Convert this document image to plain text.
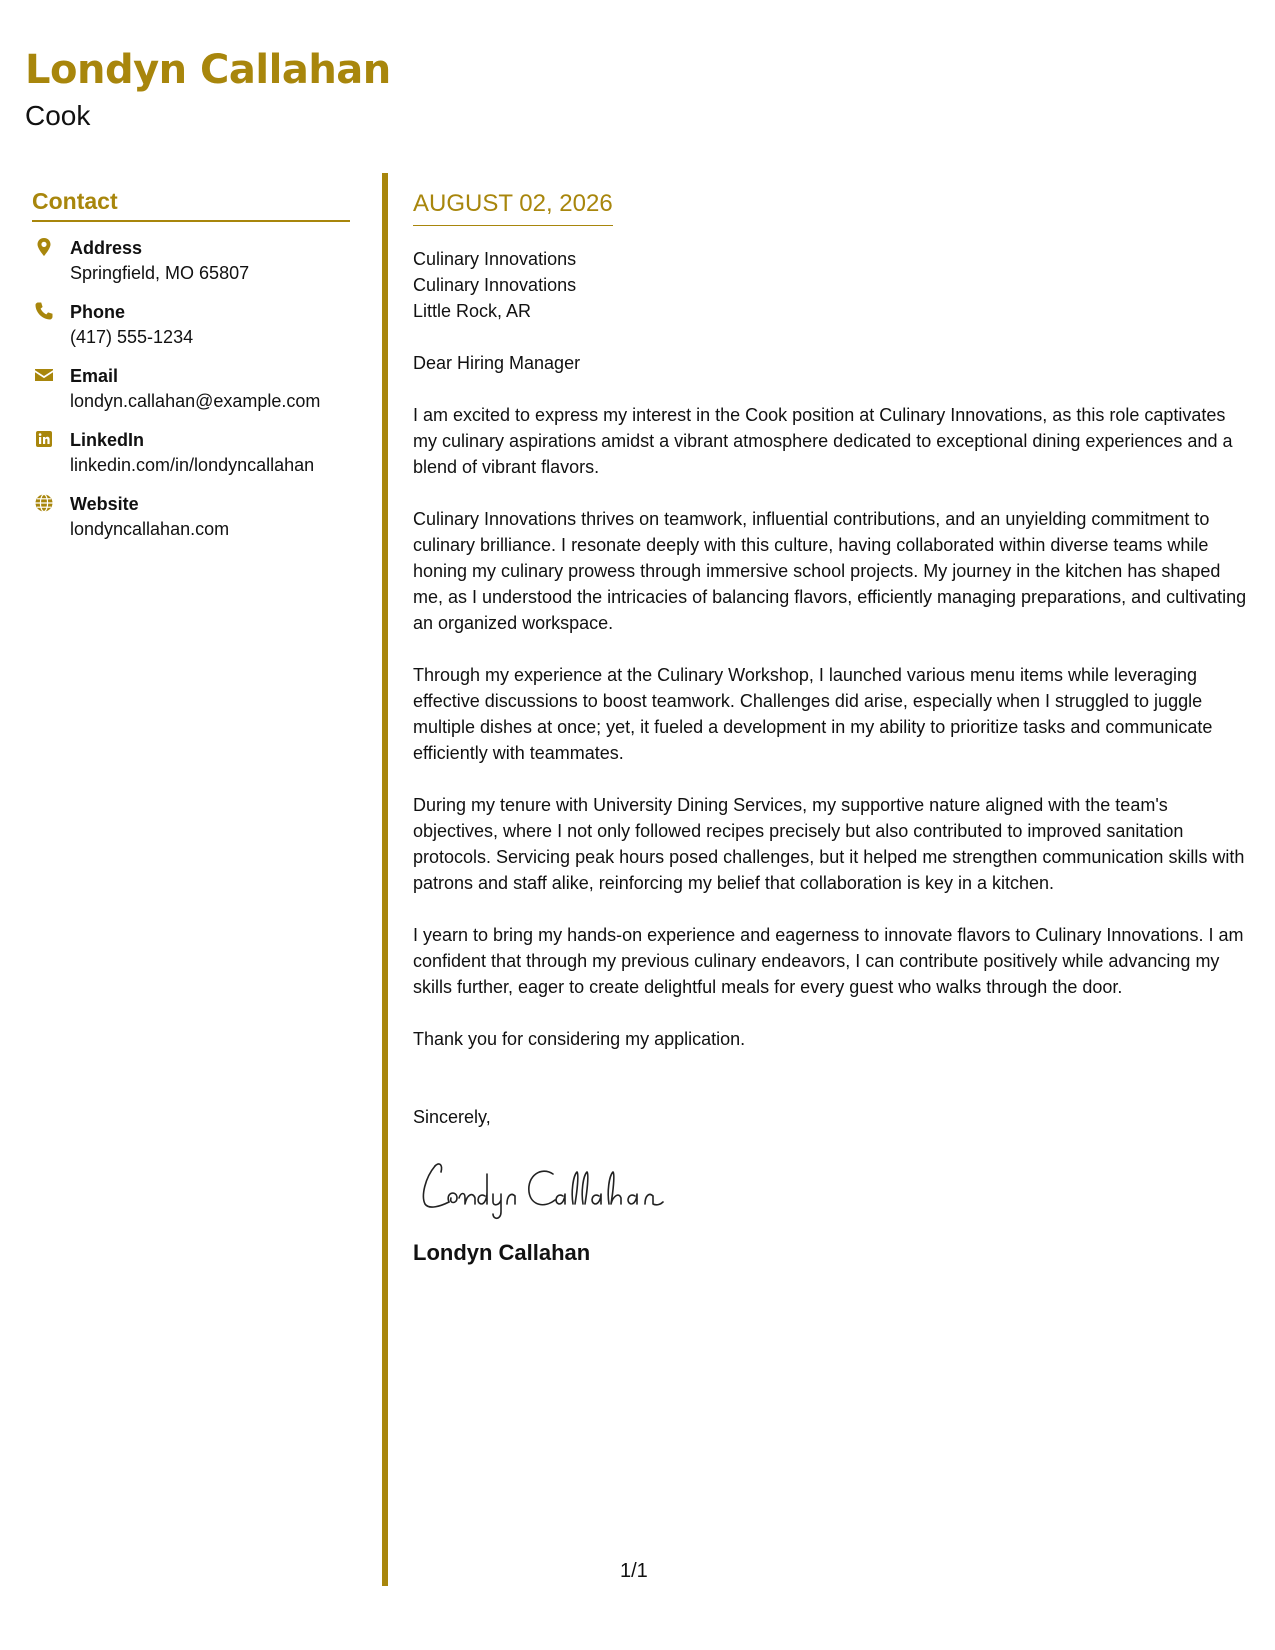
Londyn Callahan
Cook
Contact
Address
Springfield, MO 65807
Phone
(417) 555-1234
Email
londyn.callahan@example.com
LinkedIn
linkedin.com/in/londyncallahan
Website
londyncallahan.com
AUGUST 02, 2026
Culinary Innovations
Culinary Innovations
Little Rock, AR
Dear Hiring Manager

I am excited to express my interest in the Cook position at Culinary Innovations, as this role captivates my culinary aspirations amidst a vibrant atmosphere dedicated to exceptional dining experiences and a blend of vibrant flavors.

Culinary Innovations thrives on teamwork, influential contributions, and an unyielding commitment to culinary brilliance. I resonate deeply with this culture, having collaborated within diverse teams while honing my culinary prowess through immersive school projects. My journey in the kitchen has shaped me, as I understood the intricacies of balancing flavors, efficiently managing preparations, and cultivating an organized workspace.

Through my experience at the Culinary Workshop, I launched various menu items while leveraging effective discussions to boost teamwork. Challenges did arise, especially when I struggled to juggle multiple dishes at once; yet, it fueled a development in my ability to prioritize tasks and communicate efficiently with teammates.

During my tenure with University Dining Services, my supportive nature aligned with the team's objectives, where I not only followed recipes precisely but also contributed to improved sanitation protocols. Servicing peak hours posed challenges, but it helped me strengthen communication skills with patrons and staff alike, reinforcing my belief that collaboration is key in a kitchen.

I yearn to bring my hands-on experience and eagerness to innovate flavors to Culinary Innovations. I am confident that through my previous culinary endeavors, I can contribute positively while advancing my skills further, eager to create delightful meals for every guest who walks through the door.

Thank you for considering my application.

Sincerely,
Londyn Callahan
1/1
